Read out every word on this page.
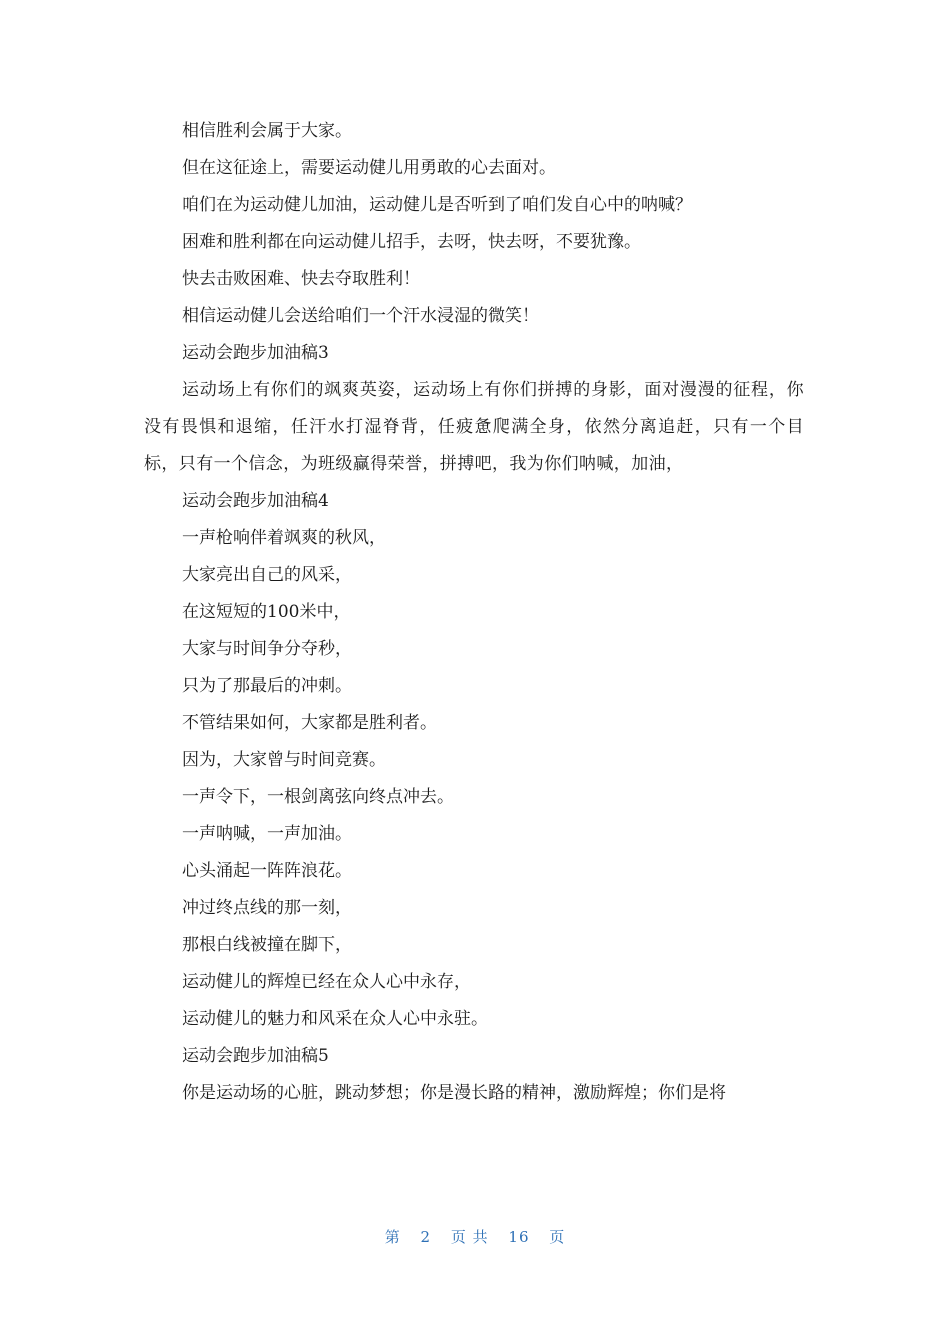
相信胜利会属于大家。
但在这征途上，需要运动健儿用勇敢的心去面对。
咱们在为运动健儿加油，运动健儿是否听到了咱们发自心中的呐喊？
困难和胜利都在向运动健儿招手，去呀，快去呀，不要犹豫。
快去击败困难、快去夺取胜利！
相信运动健儿会送给咱们一个汗水浸湿的微笑！
运动会跑步加油稿3
运动场上有你们的飒爽英姿，运动场上有你们拼搏的身影，面对漫漫的征程，你没有畏惧和退缩，任汗水打湿脊背，任疲惫爬满全身，依然分离追赶，只有一个目标，只有一个信念，为班级赢得荣誉，拼搏吧，我为你们呐喊，加油，
运动会跑步加油稿4
一声枪响伴着飒爽的秋风，
大家亮出自己的风采，
在这短短的100米中，
大家与时间争分夺秒，
只为了那最后的冲刺。
不管结果如何，大家都是胜利者。
因为，大家曾与时间竞赛。
一声令下，一根剑离弦向终点冲去。
一声呐喊，一声加油。
心头涌起一阵阵浪花。
冲过终点线的那一刻，
那根白线被撞在脚下，
运动健儿的辉煌已经在众人心中永存，
运动健儿的魅力和风采在众人心中永驻。
运动会跑步加油稿5
你是运动场的心脏，跳动梦想；你是漫长路的精神，激励辉煌；你们是将
第 2 页 共 16 页
